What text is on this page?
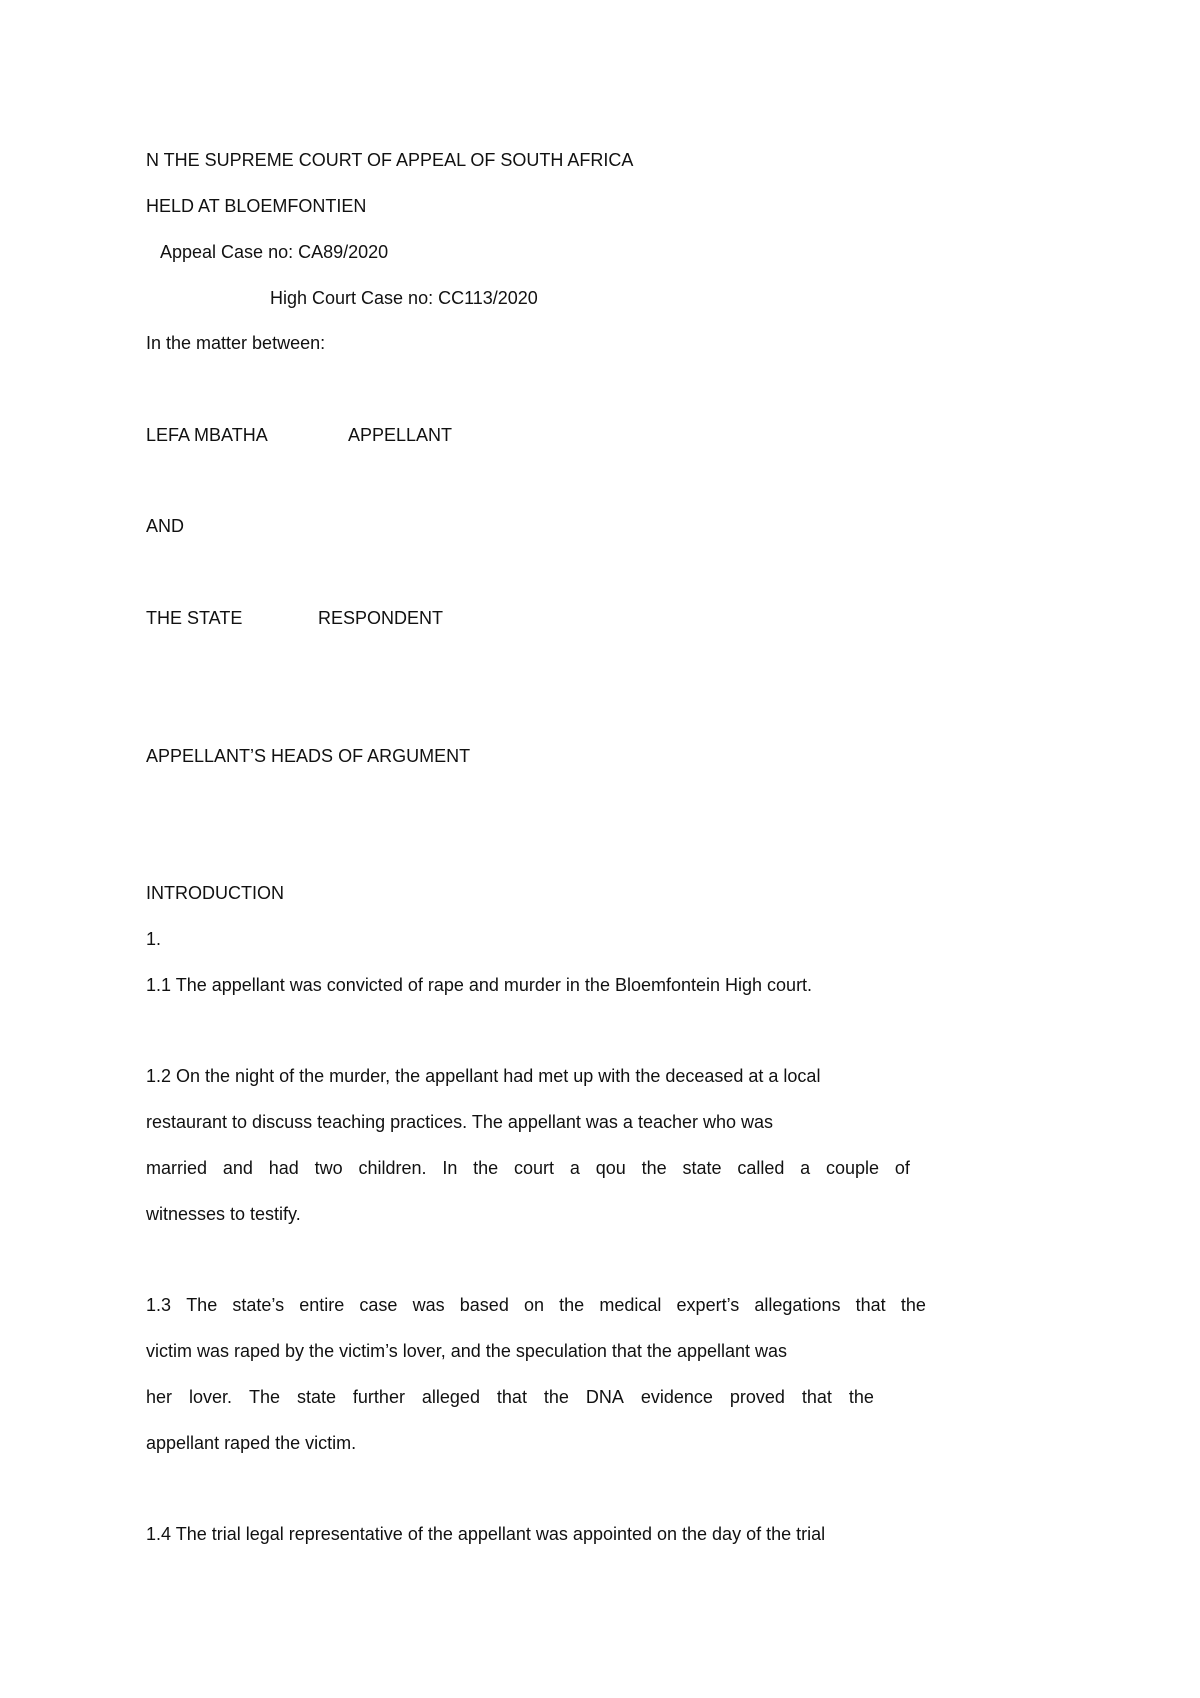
N THE SUPREME COURT OF APPEAL OF SOUTH AFRICA

HELD AT BLOEMFONTIEN

Appeal Case no: CA89/2020

High Court Case no: CC113/2020

In the matter between:

LEFA MBATHA	APPELLANT

AND

THE STATE	RESPONDENT

APPELLANT’S HEADS OF ARGUMENT

INTRODUCTION

1.

1.1 The appellant was convicted of rape and murder in the Bloemfontein High court.

1.2 On the night of the murder, the appellant had met up with the deceased at a local

restaurant to discuss teaching practices. The appellant was a teacher who was

married and had two children. In the court a qou the state called a couple of

witnesses to testify.

1.3 The state’s entire case was based on the medical expert’s allegations that the

victim was raped by the victim’s lover, and the speculation that the appellant was

her lover. The state further alleged that the DNA evidence proved that the

appellant raped the victim.

1.4 The trial legal representative of the appellant was appointed on the day of the trial
